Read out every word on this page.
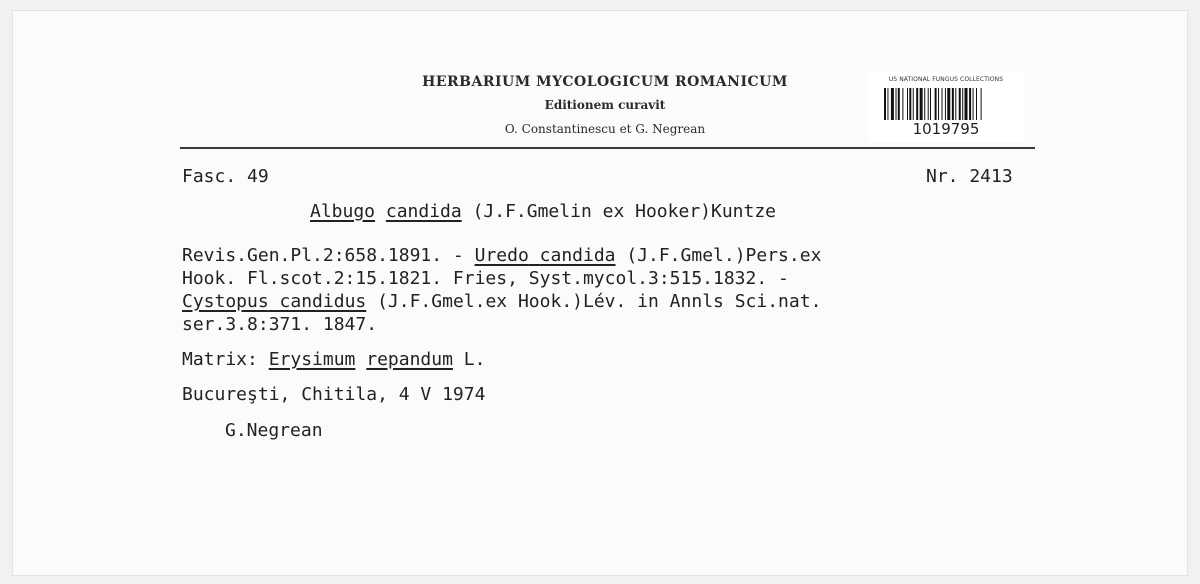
HERBARIUM MYCOLOGICUM ROMANICUM
Editionem curavit
O. Constantinescu et G. Negrean
US NATIONAL FUNGUS COLLECTIONS
1019795
Fasc. 49	Nr. 2413
Albugo candida (J.F.Gmelin ex Hooker)Kuntze
Revis.Gen.Pl.2:658.1891. - Uredo candida (J.F.Gmel.)Pers.ex
Hook. Fl.scot.2:15.1821. Fries, Syst.mycol.3:515.1832. -
Cystopus candidus (J.F.Gmel.ex Hook.)Lév. in Annls Sci.nat.
ser.3.8:371. 1847.
Matrix: Erysimum repandum L.
Bucureşti, Chitila, 4 V 1974
G.Negrean
